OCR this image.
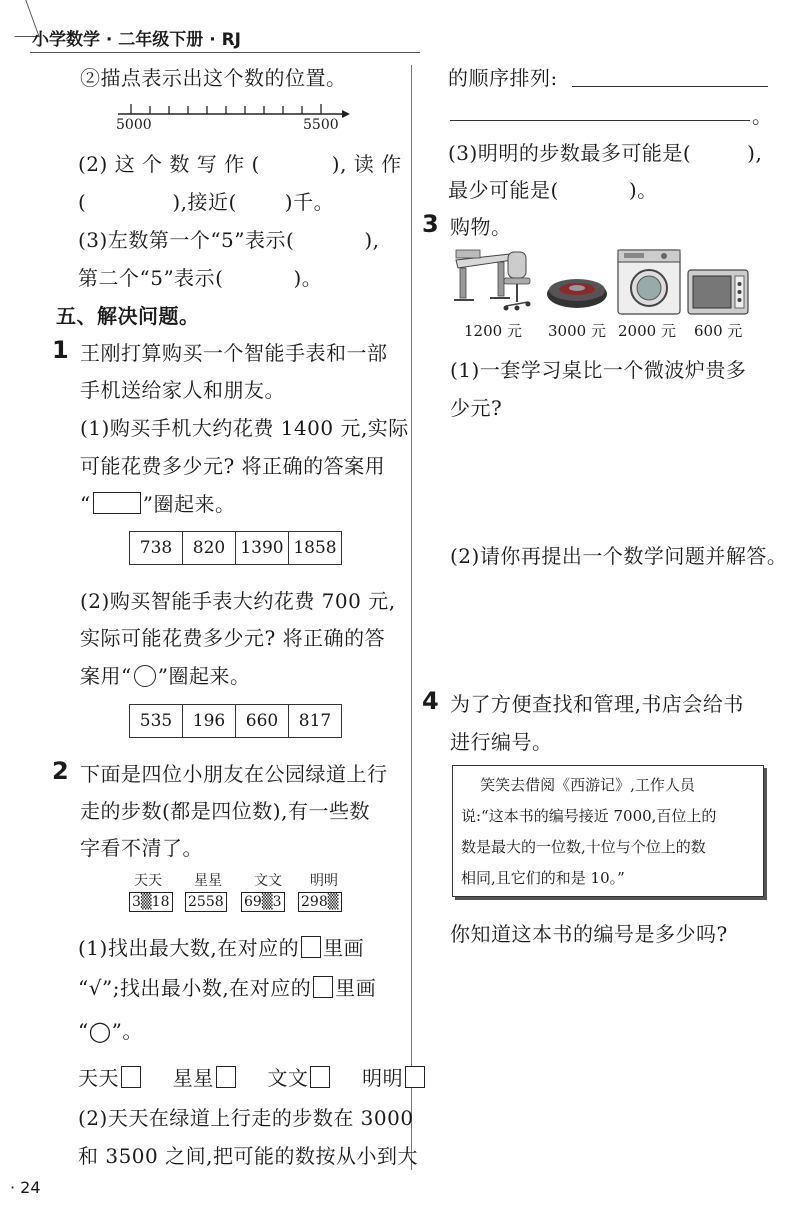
小学数学 · 二年级下册 · RJ
②描点表示出这个数的位置。
5000	5500
(2) 这 个 数 写 作 (	), 读 作
(	),接近( )千。
(3)左数第一个“5”表示(	),
第二个“5”表示(	)。
五、解决问题。
1 王刚打算购买一个智能手表和一部
手机送给家人和朋友。
(1)购买手机大约花费 1400 元,实际
可能花费多少元? 将正确的答案用
“	”圈起来。
738	820	1390	1858
(2)购买智能手表大约花费 700 元,
实际可能花费多少元? 将正确的答
案用“ ”圈起来。
535	196	660	817
2 下面是四位小朋友在公园绿道上行
走的步数(都是四位数),有一些数
字看不清了。
天天 星星 文文 明明
3▒18 2558 69▒3 298▒
(1)找出最大数,在对应的 里画
“√”;找出最小数,在对应的 里画
“◯”。
天天	星星	文文	明明
(2)天天在绿道上行走的步数在 3000
和 3500 之间,把可能的数按从小到大
· 24
的顺序排列:
。
(3)明明的步数最多可能是(	),
最少可能是(	)。
3 购物。
1200 元 3000 元 2000 元 600 元
(1)一套学习桌比一个微波炉贵多
少元?
(2)请你再提出一个数学问题并解答。
4 为了方便查找和管理,书店会给书
进行编号。
笑笑去借阅《西游记》,工作人员
说:“这本书的编号接近 7000,百位上的
数是最大的一位数,十位与个位上的数
相同,且它们的和是 10。”
你知道这本书的编号是多少吗?
